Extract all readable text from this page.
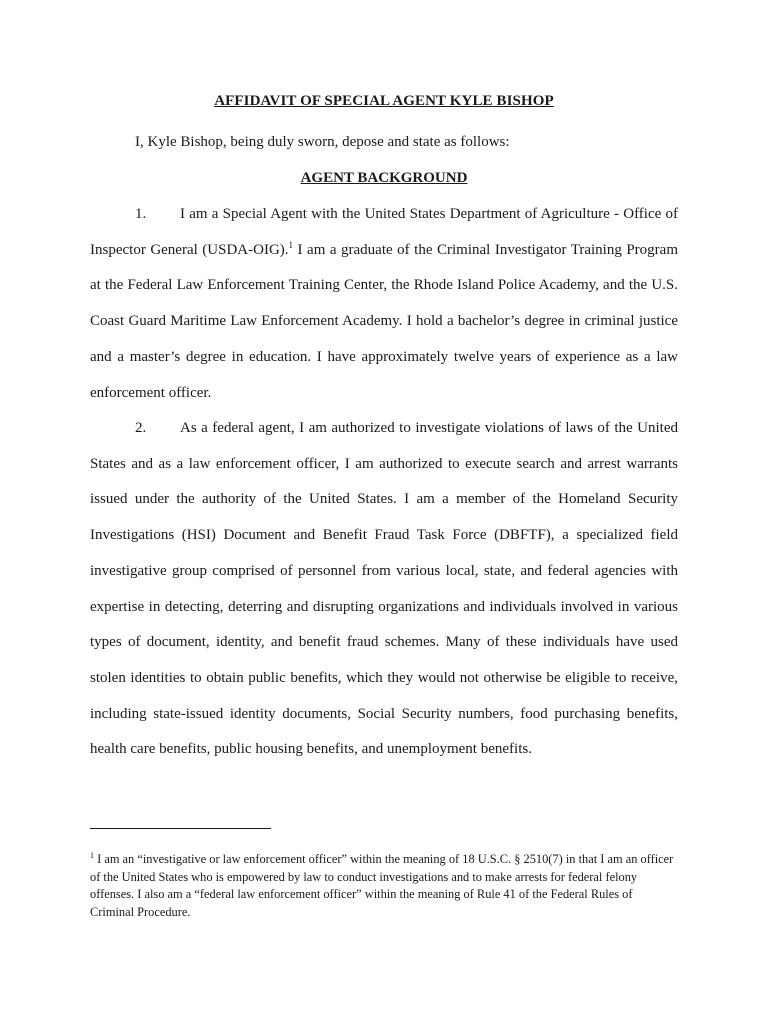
AFFIDAVIT OF SPECIAL AGENT KYLE BISHOP
I, Kyle Bishop, being duly sworn, depose and state as follows:
AGENT BACKGROUND

1. I am a Special Agent with the United States Department of Agriculture - Office of Inspector General (USDA-OIG).$^1$ I am a graduate of the Criminal Investigator Training Program at the Federal Law Enforcement Training Center, the Rhode Island Police Academy, and the U.S. Coast Guard Maritime Law Enforcement Academy. I hold a bachelor’s degree in criminal justice and a master’s degree in education. I have approximately twelve years of experience as a law enforcement officer.

2. As a federal agent, I am authorized to investigate violations of laws of the United States and as a law enforcement officer, I am authorized to execute search and arrest warrants issued under the authority of the United States. I am a member of the Homeland Security Investigations (HSI) Document and Benefit Fraud Task Force (DBFTF), a specialized field investigative group comprised of personnel from various local, state, and federal agencies with expertise in detecting, deterring and disrupting organizations and individuals involved in various types of document, identity, and benefit fraud schemes. Many of these individuals have used stolen identities to obtain public benefits, which they would not otherwise be eligible to receive, including state-issued identity documents, Social Security numbers, food purchasing benefits, health care benefits, public housing benefits, and unemployment benefits.

$^1$ I am an “investigative or law enforcement officer” within the meaning of 18 U.S.C. § 2510(7) in that I am an officer of the United States who is empowered by law to conduct investigations and to make arrests for federal felony offenses. I also am a “federal law enforcement officer” within the meaning of Rule 41 of the Federal Rules of Criminal Procedure.
